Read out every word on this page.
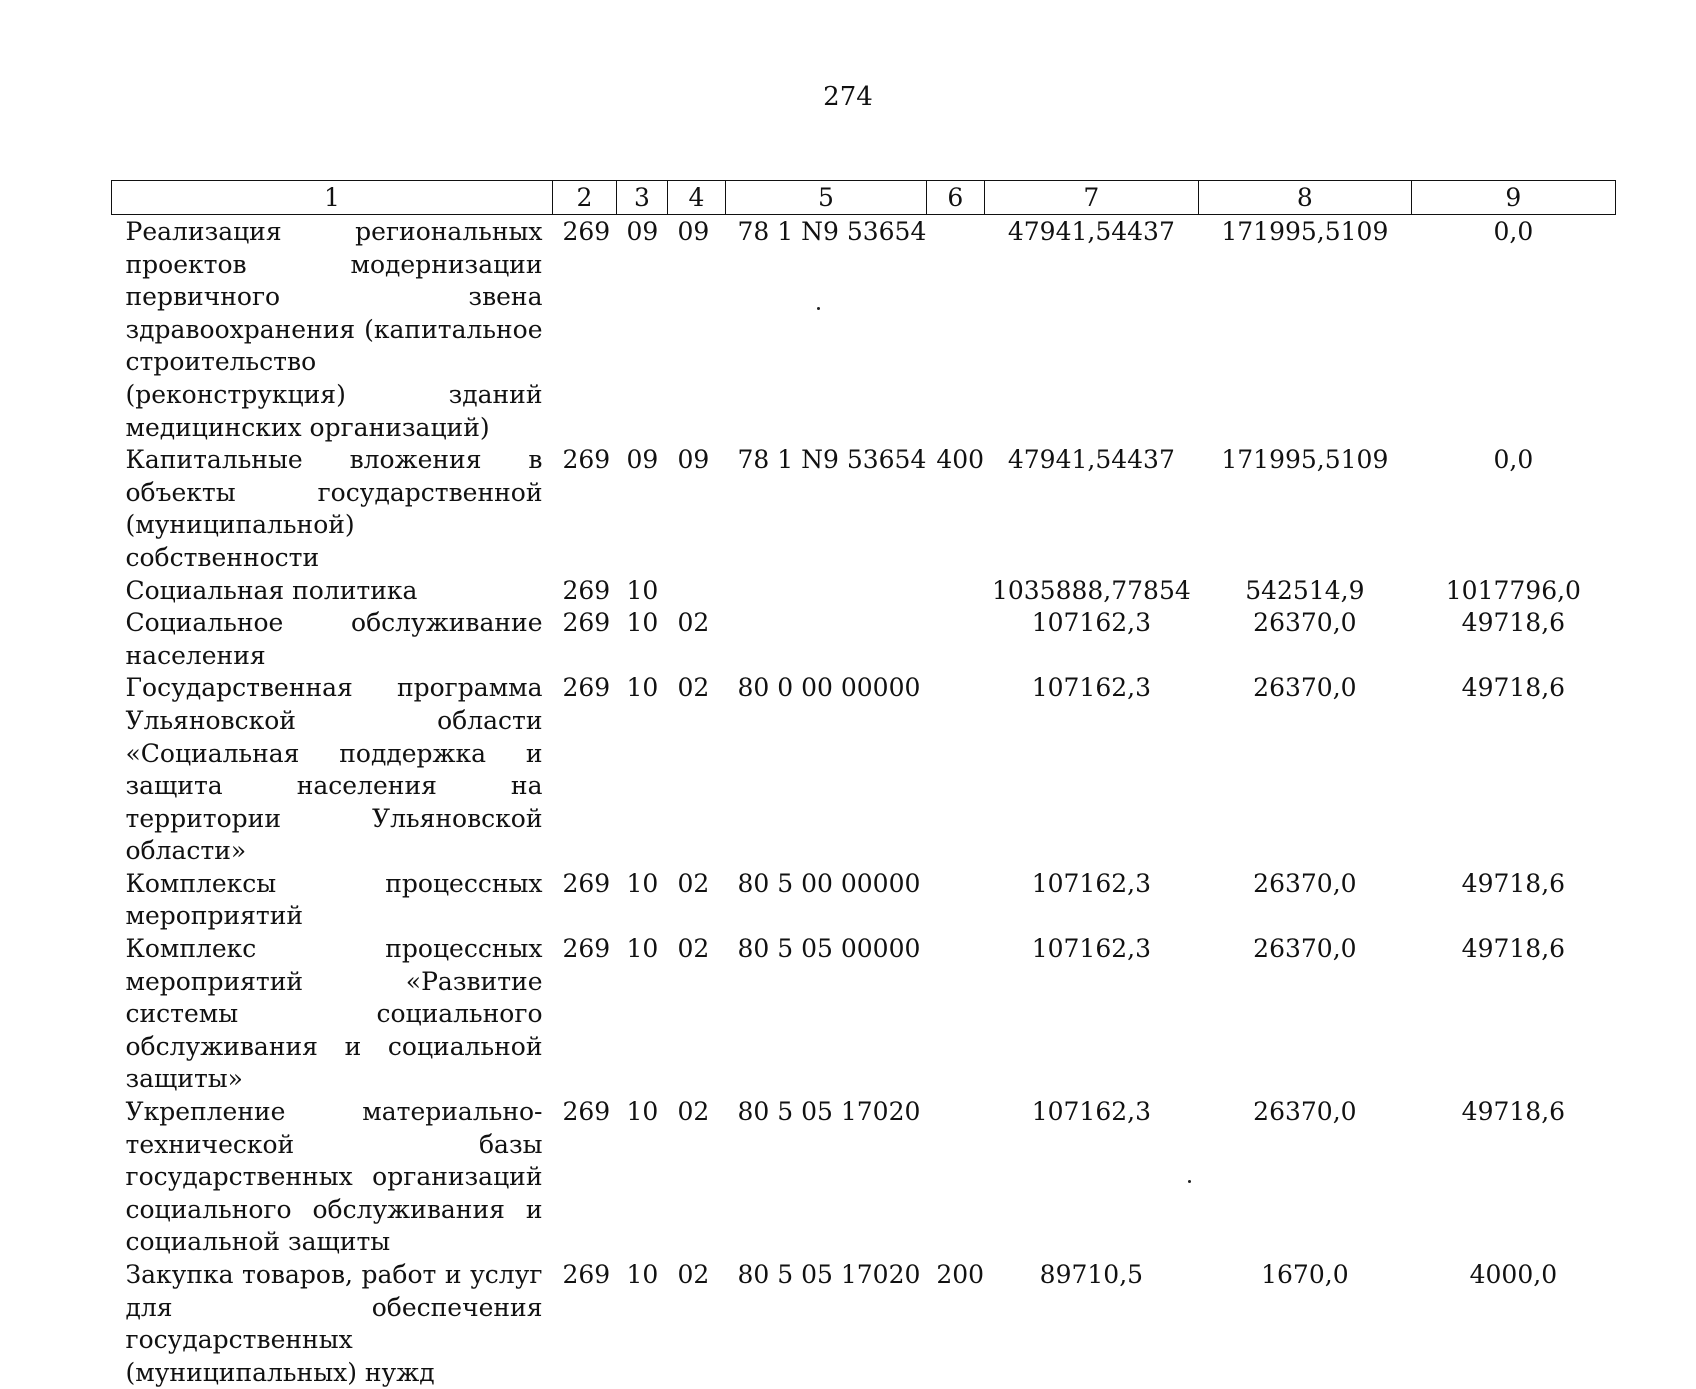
274
1	2	3	4	5	6	7	8	9
Реализация региональных проектов модернизации первичного звена здравоохранения (капитальное строительство (реконструкция) зданий медицинских организаций)	269	09	09	78 1 N9 53654		47941,54437	171995,5109	0,0
Капитальные вложения в объекты государственной (муниципальной) собственности	269	09	09	78 1 N9 53654	400	47941,54437	171995,5109	0,0
Социальная политика	269	10				1035888,77854	542514,9	1017796,0
Социальное обслуживание населения	269	10	02			107162,3	26370,0	49718,6
Государственная программа Ульяновской области «Социальная поддержка и защита населения на территории Ульяновской области»	269	10	02	80 0 00 00000		107162,3	26370,0	49718,6
Комплексы процессных мероприятий	269	10	02	80 5 00 00000		107162,3	26370,0	49718,6
Комплекс процессных мероприятий «Развитие системы социального обслуживания и социальной защиты»	269	10	02	80 5 05 00000		107162,3	26370,0	49718,6
Укрепление материально-технической базы государственных организаций социального обслуживания и социальной защиты	269	10	02	80 5 05 17020		107162,3	26370,0	49718,6
Закупка товаров, работ и услуг для обеспечения государственных (муниципальных) нужд	269	10	02	80 5 05 17020	200	89710,5	1670,0	4000,0
